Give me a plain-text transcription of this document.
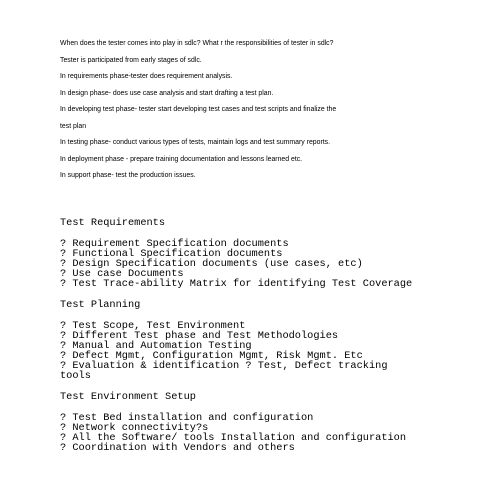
When does the tester comes into play in sdlc? What r the responsibilities of tester in sdlc?
Tester is participated from early stages of sdlc.
In requirements phase-tester does requirement analysis.
In design phase- does use case analysis and start drafting a test plan.
In developing test phase- tester start developing test cases and test scripts and finalize the
test plan
In testing phase- conduct various types of tests, maintain logs and test summary reports.
In deployment phase - prepare training documentation and lessons learned etc.
In support phase- test the production issues.
Test Requirements
? Requirement Specification documents
? Functional Specification documents
? Design Specification documents (use cases, etc)
? Use case Documents
? Test Trace-ability Matrix for identifying Test Coverage
Test Planning
? Test Scope, Test Environment
? Different Test phase and Test Methodologies
? Manual and Automation Testing
? Defect Mgmt, Configuration Mgmt, Risk Mgmt. Etc
? Evaluation & identification ? Test, Defect tracking
tools
Test Environment Setup
? Test Bed installation and configuration
? Network connectivity?s
? All the Software/ tools Installation and configuration
? Coordination with Vendors and others
